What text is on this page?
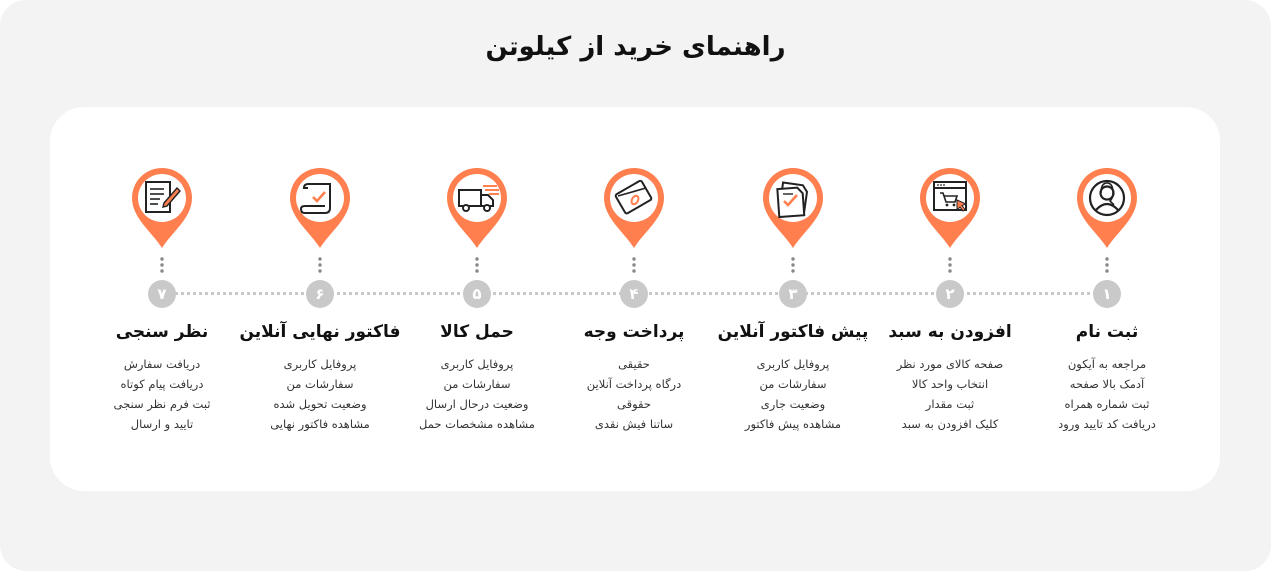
راهنمای خرید از کیلوتن
۱
ثبت نام
مراجعه به آیکون
آدمک بالا صفحه
ثبت شماره همراه
دریافت کد تایید ورود
۲
افزودن به سبد
صفحه کالای مورد نظر
انتخاب واحد کالا
ثبت مقدار
کلیک افزودن به سبد
۳
پیش فاکتور آنلاین
پروفایل کاربری
سفارشات من
وضعیت جاری
مشاهده پیش فاکتور
۴
پرداخت وجه
حقیقی
درگاه پرداخت آنلاین
حقوقی
ساتنا فیش نقدی
۵
حمل کالا
پروفایل کاربری
سفارشات من
وضعیت درحال ارسال
مشاهده مشخصات حمل
۶
فاکتور نهایی آنلاین
پروفایل کاربری
سفارشات من
وضعیت تحویل شده
مشاهده فاکتور نهایی
۷
نظر سنجی
دریافت سفارش
دریافت پیام کوتاه
ثبت فرم نظر سنجی
تایید و ارسال
